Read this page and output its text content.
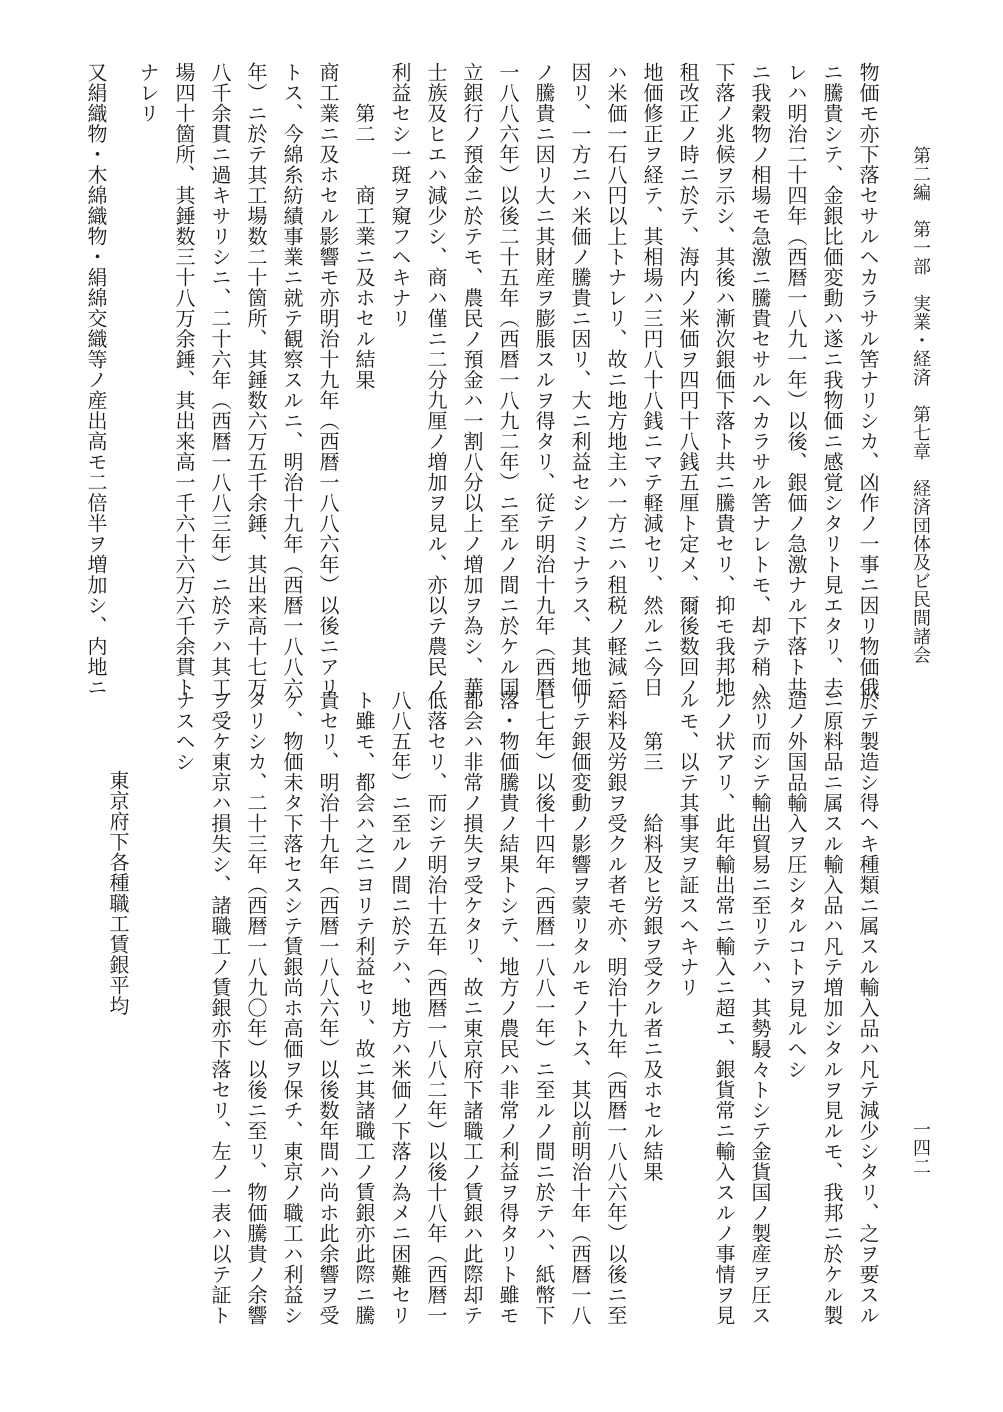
第二編　第一部　実業・経済　第七章　経済団体及ビ民間諸会
一四二
物価モ亦下落セサルヘカラサル筈ナリシカ、凶作ノ一事ニ因リ物価俄
ニ騰貴シテ、金銀比価変動ハ遂ニ我物価ニ感覚シタリト見エタリ、去
レハ明治二十四年（西暦一八九一年）以後、銀価ノ急激ナル下落ト共
ニ我穀物ノ相場モ急激ニ騰貴セサルヘカラサル筈ナレトモ、却テ稍ヽ
下落ノ兆候ヲ示シ、其後ハ漸次銀価下落ト共ニ騰貴セリ、抑モ我邦地
租改正ノ時ニ於テ、海内ノ米価ヲ四円十八銭五厘ト定メ、爾後数回ノ
地価修正ヲ経テ、其相場ハ三円八十八銭ニマテ軽減セリ、然ルニ今日
ハ米価一石八円以上トナレリ、故ニ地方地主ハ一方ニハ租税ノ軽減ニ
因リ、一方ニハ米価ノ騰貴ニ因リ、大ニ利益セシノミナラス、其地価
ノ騰貴ニ因リ大ニ其財産ヲ膨脹スルヲ得タリ、従テ明治十九年（西暦
一八八六年）以後二十五年（西暦一八九二年）ニ至ルノ間ニ於ケル国
立銀行ノ預金ニ於テモ、農民ノ預金ハ一割八分以上ノ増加ヲ為シ、華
士族及ヒエハ減少シ、商ハ僅ニ二分九厘ノ増加ヲ見ル、亦以テ農民ノ
利益セシ一斑ヲ窺フヘキナリ
　　第二　　商工業ニ及ホセル結果
商工業ニ及ホセル影響モ亦明治十九年（西暦一八八六年）以後ニアリ
トス、今綿糸紡績事業ニ就テ観察スルニ、明治十九年（西暦一八八六
年）ニ於テ其工場数二十箇所、其錘数六万五千余錘、其出来高十七万
八千余貫ニ過キサリシニ、二十六年（西暦一八八三年）ニ於テハ其工
場四十箇所、其錘数三十八万余錘、其出来高一千六十六万六千余貫ト
ナレリ
又絹織物・木綿織物・絹綿交織等ノ産出高モ二倍半ヲ増加シ、内地ニ
於テ製造シ得ヘキ種類ニ属スル輸入品ハ凡テ減少シタリ、之ヲ要スル
ニ原料品ニ属スル輸入品ハ凡テ増加シタルヲ見ルモ、我邦ニ於ケル製
造ノ外国品輸入ヲ圧シタルコトヲ見ルヘシ
然リ而シテ輸出貿易ニ至リテハ、其勢駸々トシテ金貨国ノ製産ヲ圧ス
ルノ状アリ、此年輸出常ニ輸入ニ超エ、銀貨常ニ輸入スルノ事情ヲ見
ルモ、以テ其事実ヲ証スヘキナリ
　　第三　　給料及ヒ労銀ヲ受クル者ニ及ホセル結果
給料及労銀ヲ受クル者モ亦、明治十九年（西暦一八八六年）以後ニ至
リテ銀価変動ノ影響ヲ蒙リタルモノトス、其以前明治十年（西暦一八
七七年）以後十四年（西暦一八八一年）ニ至ルノ間ニ於テハ、紙幣下
落・物価騰貴ノ結果トシテ、地方ノ農民ハ非常ノ利益ヲ得タリト雖モ
都会ハ非常ノ損失ヲ受ケタリ、故ニ東京府下諸職工ノ賃銀ハ此際却テ
低落セリ、而シテ明治十五年（西暦一八八二年）以後十八年（西暦一
八八五年）ニ至ルノ間ニ於テハ、地方ハ米価ノ下落ノ為メニ困難セリ
ト雖モ、都会ハ之ニヨリテ利益セリ、故ニ其諸職工ノ賃銀亦此際ニ騰
貴セリ、明治十九年（西暦一八八六年）以後数年間ハ尚ホ此余響ヲ受
ケ、物価未タ下落セスシテ賃銀尚ホ高価ヲ保チ、東京ノ職工ハ利益シ
タリシカ、二十三年（西暦一八九〇年）以後ニ至リ、物価騰貴ノ余響
ヲ受ケ東京ハ損失シ、諸職工ノ賃銀亦下落セリ、左ノ一表ハ以テ証ト
ナスヘシ
東京府下各種職工賃銀平均
